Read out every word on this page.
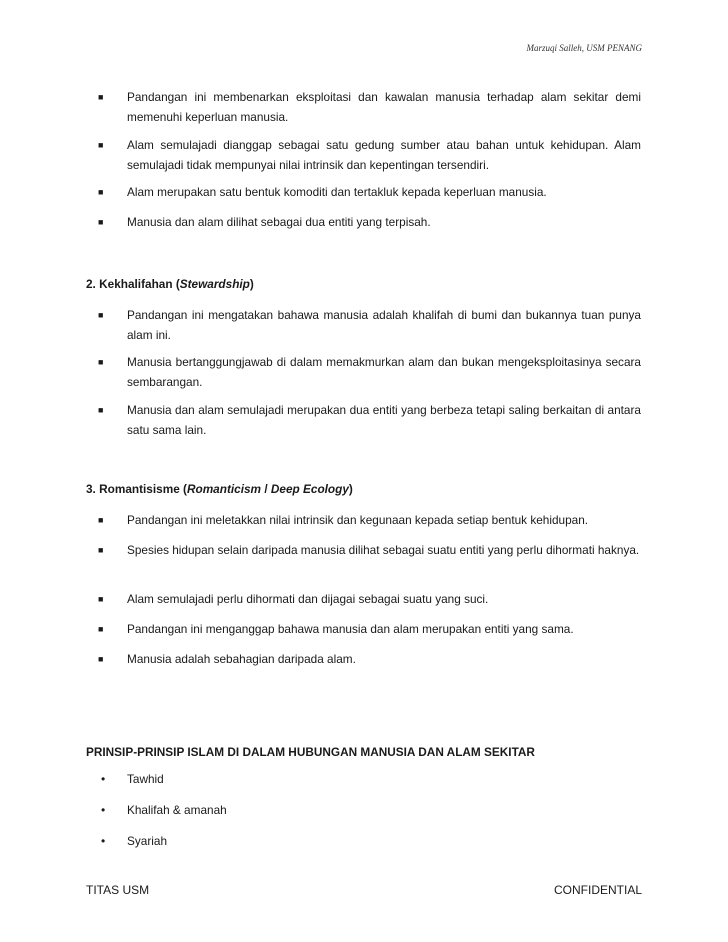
Marzuqi Salleh, USM PENANG
■ Pandangan ini membenarkan eksploitasi dan kawalan manusia terhadap alam sekitar demi memenuhi keperluan manusia.
■ Alam semulajadi dianggap sebagai satu gedung sumber atau bahan untuk kehidupan. Alam semulajadi tidak mempunyai nilai intrinsik dan kepentingan tersendiri.
■ Alam merupakan satu bentuk komoditi dan tertakluk kepada keperluan manusia.
■ Manusia dan alam dilihat sebagai dua entiti yang terpisah.
2. Kekhalifahan (Stewardship)
■ Pandangan ini mengatakan bahawa manusia adalah khalifah di bumi dan bukannya tuan punya alam ini.
■ Manusia bertanggungjawab di dalam memakmurkan alam dan bukan mengeksploitasinya secara sembarangan.
■ Manusia dan alam semulajadi merupakan dua entiti yang berbeza tetapi saling berkaitan di antara satu sama lain.
3. Romantisisme (Romanticism / Deep Ecology)
■ Pandangan ini meletakkan nilai intrinsik dan kegunaan kepada setiap bentuk kehidupan.
■ Spesies hidupan selain daripada manusia dilihat sebagai suatu entiti yang perlu dihormati haknya.
■ Alam semulajadi perlu dihormati dan dijagai sebagai suatu yang suci.
■ Pandangan ini menganggap bahawa manusia dan alam merupakan entiti yang sama.
■ Manusia adalah sebahagian daripada alam.
PRINSIP-PRINSIP ISLAM DI DALAM HUBUNGAN MANUSIA DAN ALAM SEKITAR
• Tawhid
• Khalifah & amanah
• Syariah
TITAS USM	CONFIDENTIAL
